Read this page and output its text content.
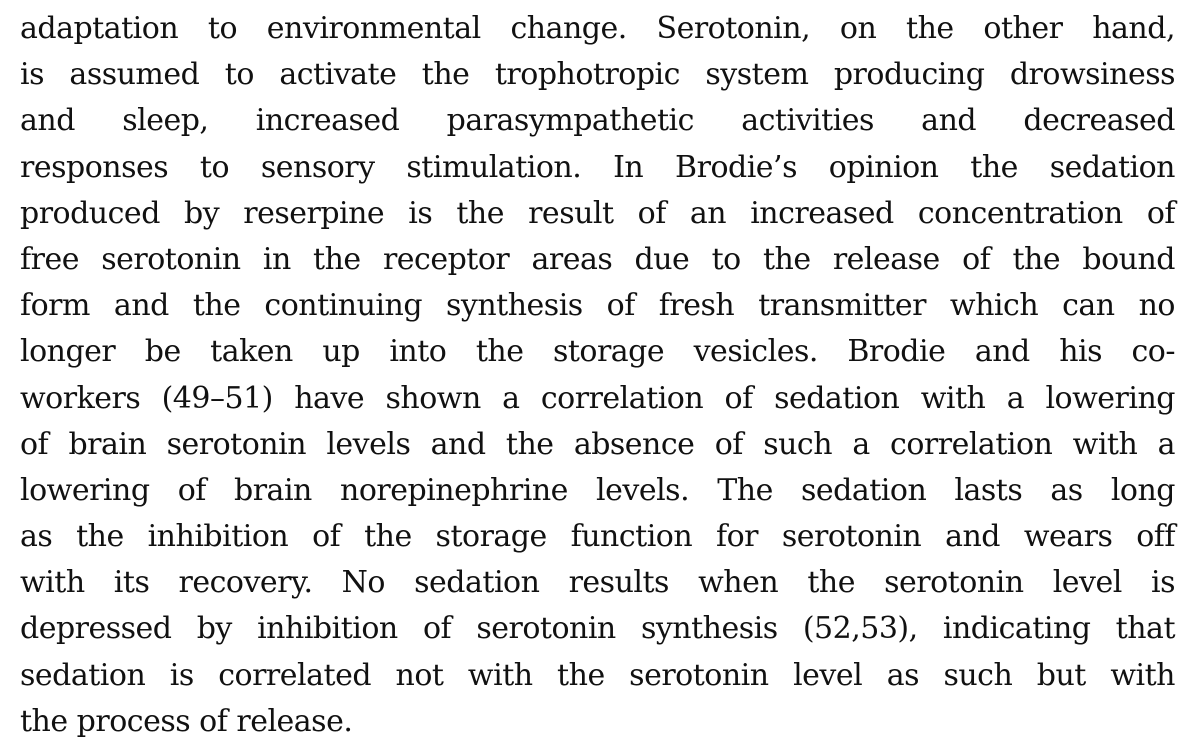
adaptation to environmental change. Serotonin, on the other hand,
is assumed to activate the trophotropic system producing drowsiness
and sleep, increased parasympathetic activities and decreased
responses to sensory stimulation. In Brodie’s opinion the sedation
produced by reserpine is the result of an increased concentration of
free serotonin in the receptor areas due to the release of the bound
form and the continuing synthesis of fresh transmitter which can no
longer be taken up into the storage vesicles. Brodie and his co-
workers (49–51) have shown a correlation of sedation with a lowering
of brain serotonin levels and the absence of such a correlation with a
lowering of brain norepinephrine levels. The sedation lasts as long
as the inhibition of the storage function for serotonin and wears off
with its recovery. No sedation results when the serotonin level is
depressed by inhibition of serotonin synthesis (52,53), indicating that
sedation is correlated not with the serotonin level as such but with
the process of release.
